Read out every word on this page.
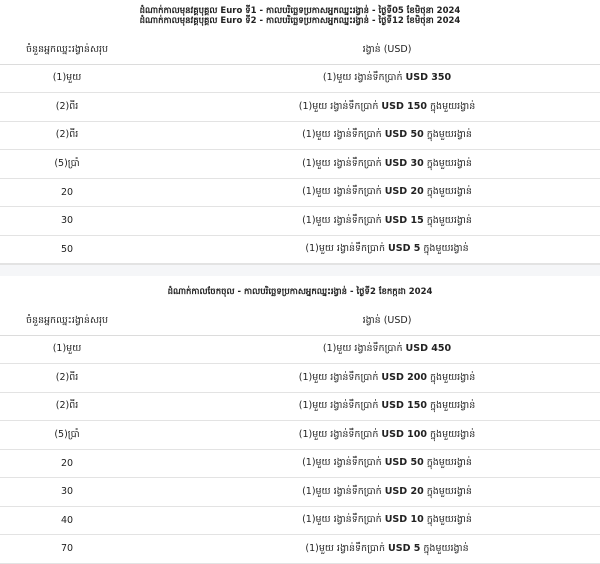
ដំណាក់កាលមុនវគ្គបុគ្គល Euro ទី1 - កាលបរិច្ឆេទប្រកាសអ្នកឈ្នះរង្វាន់ - ថ្ងៃទី05 ខែមិថុនា 2024
ដំណាក់កាលមុនវគ្គបុគ្គល Euro ទី2 - កាលបរិច្ឆេទប្រកាសអ្នកឈ្នះរង្វាន់ - ថ្ងៃទី12 ខែមិថុនា 2024
ចំនួនអ្នកឈ្នះរង្វាន់សរុប	រង្វាន់ (USD)
(1)មួយ	(1)មួយ រង្វាន់ទឹកប្រាក់ USD 350
(2)ពីរ	(1)មួយ រង្វាន់ទឹកប្រាក់ USD 150 ក្នុងមួយរង្វាន់
(2)ពីរ	(1)មួយ រង្វាន់ទឹកប្រាក់ USD 50 ក្នុងមួយរង្វាន់
(5)ប្រាំ	(1)មួយ រង្វាន់ទឹកប្រាក់ USD 30 ក្នុងមួយរង្វាន់
20	(1)មួយ រង្វាន់ទឹកប្រាក់ USD 20 ក្នុងមួយរង្វាន់
30	(1)មួយ រង្វាន់ទឹកប្រាក់ USD 15 ក្នុងមួយរង្វាន់
50	(1)មួយ រង្វាន់ទឹកប្រាក់ USD 5 ក្នុងមួយរង្វាន់
ដំណាក់កាលចែកចុល - កាលបរិច្ឆេទប្រកាសអ្នកឈ្នះរង្វាន់ - ថ្ងៃទី2 ខែកក្កដា 2024
ចំនួនអ្នកឈ្នះរង្វាន់សរុប	រង្វាន់ (USD)
(1)មួយ	(1)មួយ រង្វាន់ទឹកប្រាក់ USD 450
(2)ពីរ	(1)មួយ រង្វាន់ទឹកប្រាក់ USD 200 ក្នុងមួយរង្វាន់
(2)ពីរ	(1)មួយ រង្វាន់ទឹកប្រាក់ USD 150 ក្នុងមួយរង្វាន់
(5)ប្រាំ	(1)មួយ រង្វាន់ទឹកប្រាក់ USD 100 ក្នុងមួយរង្វាន់
20	(1)មួយ រង្វាន់ទឹកប្រាក់ USD 50 ក្នុងមួយរង្វាន់
30	(1)មួយ រង្វាន់ទឹកប្រាក់ USD 20 ក្នុងមួយរង្វាន់
40	(1)មួយ រង្វាន់ទឹកប្រាក់ USD 10 ក្នុងមួយរង្វាន់
70	(1)មួយ រង្វាន់ទឹកប្រាក់ USD 5 ក្នុងមួយរង្វាន់
